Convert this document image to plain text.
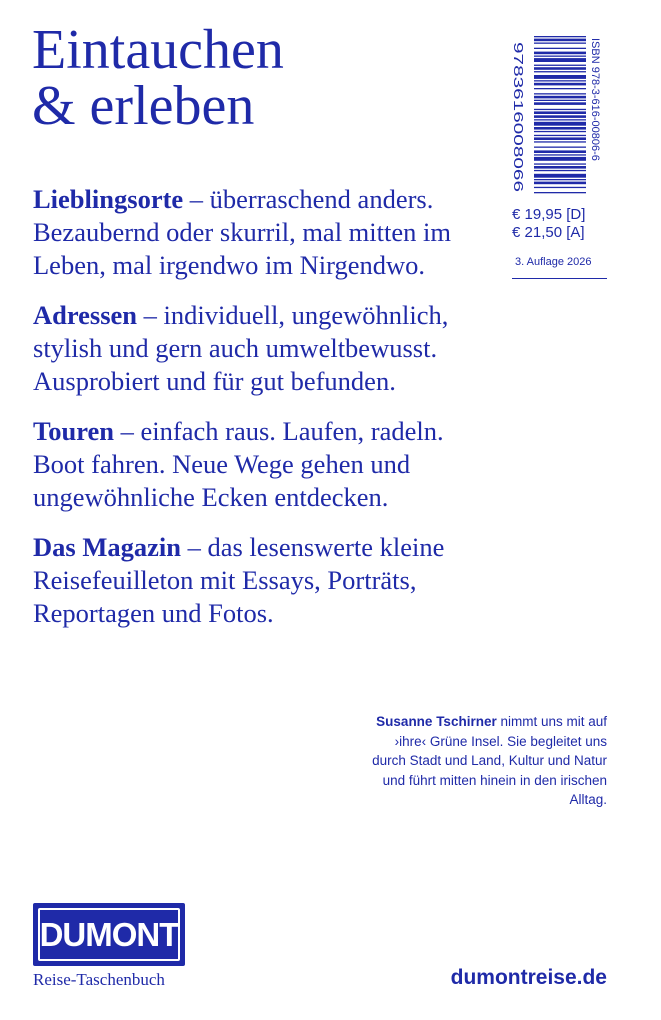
Eintauchen
& erleben

Lieblingsorte – überraschend anders. Bezaubernd oder skurril, mal mitten im Leben, mal irgendwo im Nirgendwo.

Adressen – individuell, ungewöhnlich, stylish und gern auch umweltbewusst. Ausprobiert und für gut befunden.

Touren – einfach raus. Laufen, radeln. Boot fahren. Neue Wege gehen und ungewöhnliche Ecken entdecken.

Das Magazin – das lesenswerte kleine Reisefeuilleton mit Essays, Porträts, Reportagen und Fotos.

ISBN 978-3-616-00806-6
9783616008066
€ 19,95 [D]
€ 21,50 [A]
3. Auflage 2026
Susanne Tschirner nimmt uns mit auf ›ihre‹ Grüne Insel. Sie begleitet uns durch Stadt und Land, Kultur und Natur und führt mitten hinein in den irischen Alltag.
DUMONT
Reise-Taschenbuch	dumontreise.de
